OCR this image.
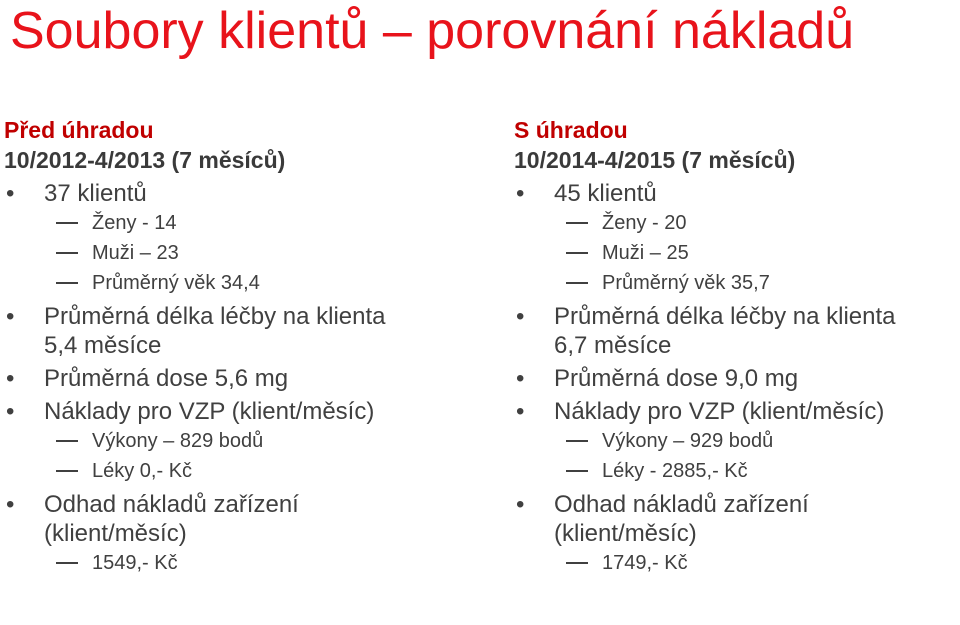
Soubory klientů – porovnání nákladů
Před úhradou
10/2012-4/2013 (7 měsíců)
• 37 klientů
Ženy - 14
Muži – 23
Průměrný věk 34,4
• Průměrná délka léčby na klienta
5,4 měsíce
• Průměrná dose 5,6 mg
• Náklady pro VZP (klient/měsíc)
Výkony – 829 bodů
Léky 0,- Kč
• Odhad nákladů zařízení
(klient/měsíc)
1549,- Kč
S úhradou
10/2014-4/2015 (7 měsíců)
• 45 klientů
Ženy - 20
Muži – 25
Průměrný věk 35,7
• Průměrná délka léčby na klienta
6,7 měsíce
• Průměrná dose 9,0 mg
• Náklady pro VZP (klient/měsíc)
Výkony – 929 bodů
Léky - 2885,- Kč
• Odhad nákladů zařízení
(klient/měsíc)
1749,- Kč
